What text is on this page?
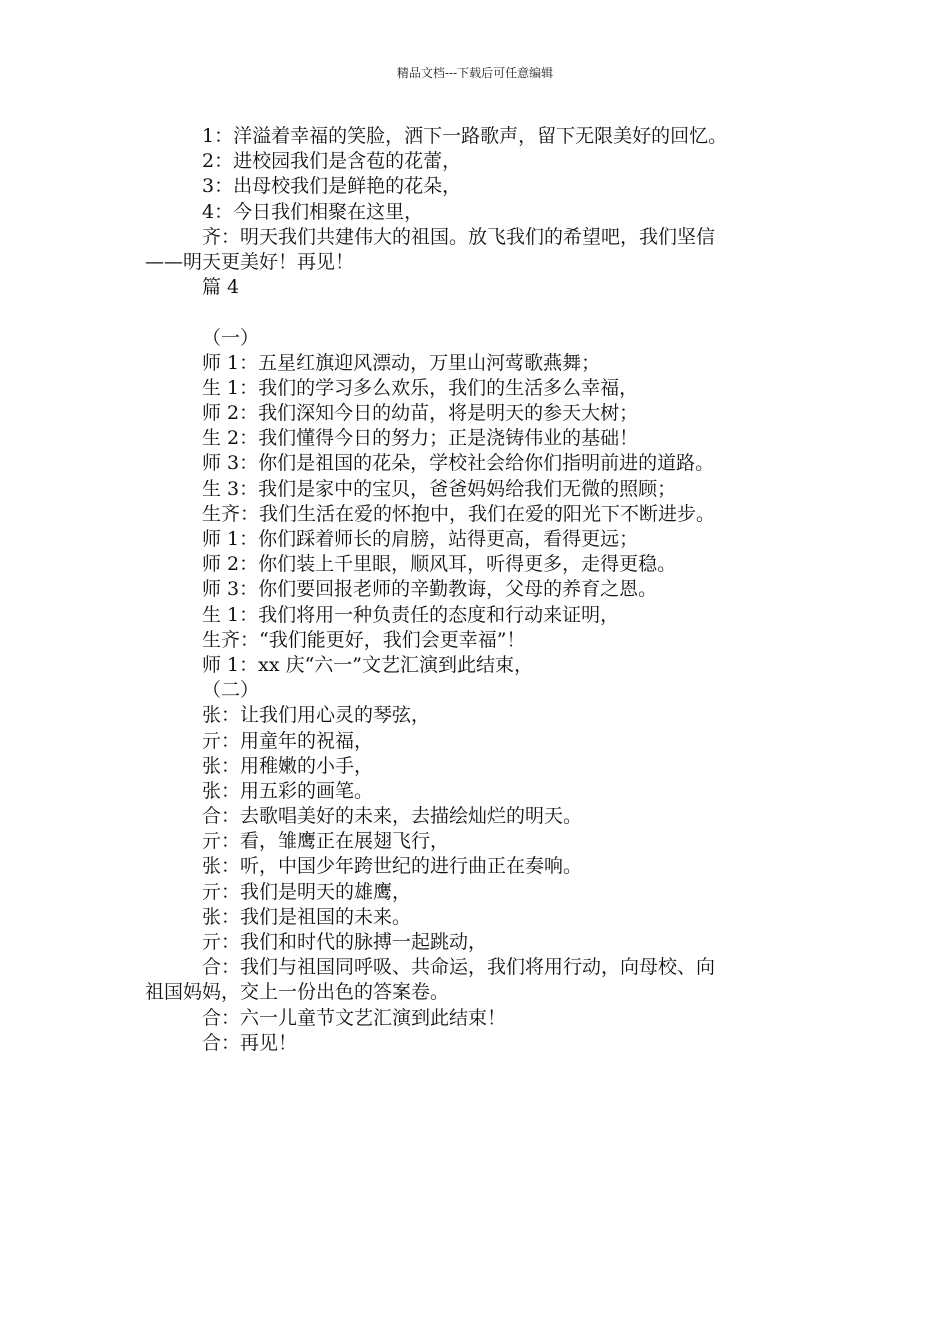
精品文档---下载后可任意编辑
1：洋溢着幸福的笑脸，洒下一路歌声，留下无限美好的回忆。
2：进校园我们是含苞的花蕾，
3：出母校我们是鲜艳的花朵，
4：今日我们相聚在这里，
齐：明天我们共建伟大的祖国。放飞我们的希望吧，我们坚信
——明天更美好！再见！
篇 4
（一）
师 1：五星红旗迎风漂动，万里山河莺歌燕舞；
生 1：我们的学习多么欢乐，我们的生活多么幸福，
师 2：我们深知今日的幼苗，将是明天的参天大树；
生 2：我们懂得今日的努力；正是浇铸伟业的基础！
师 3：你们是祖国的花朵，学校社会给你们指明前进的道路。
生 3：我们是家中的宝贝，爸爸妈妈给我们无微的照顾；
生齐：我们生活在爱的怀抱中，我们在爱的阳光下不断进步。
师 1：你们踩着师长的肩膀，站得更高，看得更远；
师 2：你们装上千里眼，顺风耳，听得更多，走得更稳。
师 3：你们要回报老师的辛勤教诲，父母的养育之恩。
生 1：我们将用一种负责任的态度和行动来证明，
生齐：“我们能更好，我们会更幸福”！
师 1：xx 庆“六一”文艺汇演到此结束，
（二）
张：让我们用心灵的琴弦，
亓：用童年的祝福，
张：用稚嫩的小手，
张：用五彩的画笔。
合：去歌唱美好的未来，去描绘灿烂的明天。
亓：看，雏鹰正在展翅飞行，
张：听，中国少年跨世纪的进行曲正在奏响。
亓：我们是明天的雄鹰，
张：我们是祖国的未来。
亓：我们和时代的脉搏一起跳动，
合：我们与祖国同呼吸、共命运，我们将用行动，向母校、向
祖国妈妈，交上一份出色的答案卷。
合：六一儿童节文艺汇演到此结束！
合：再见！
